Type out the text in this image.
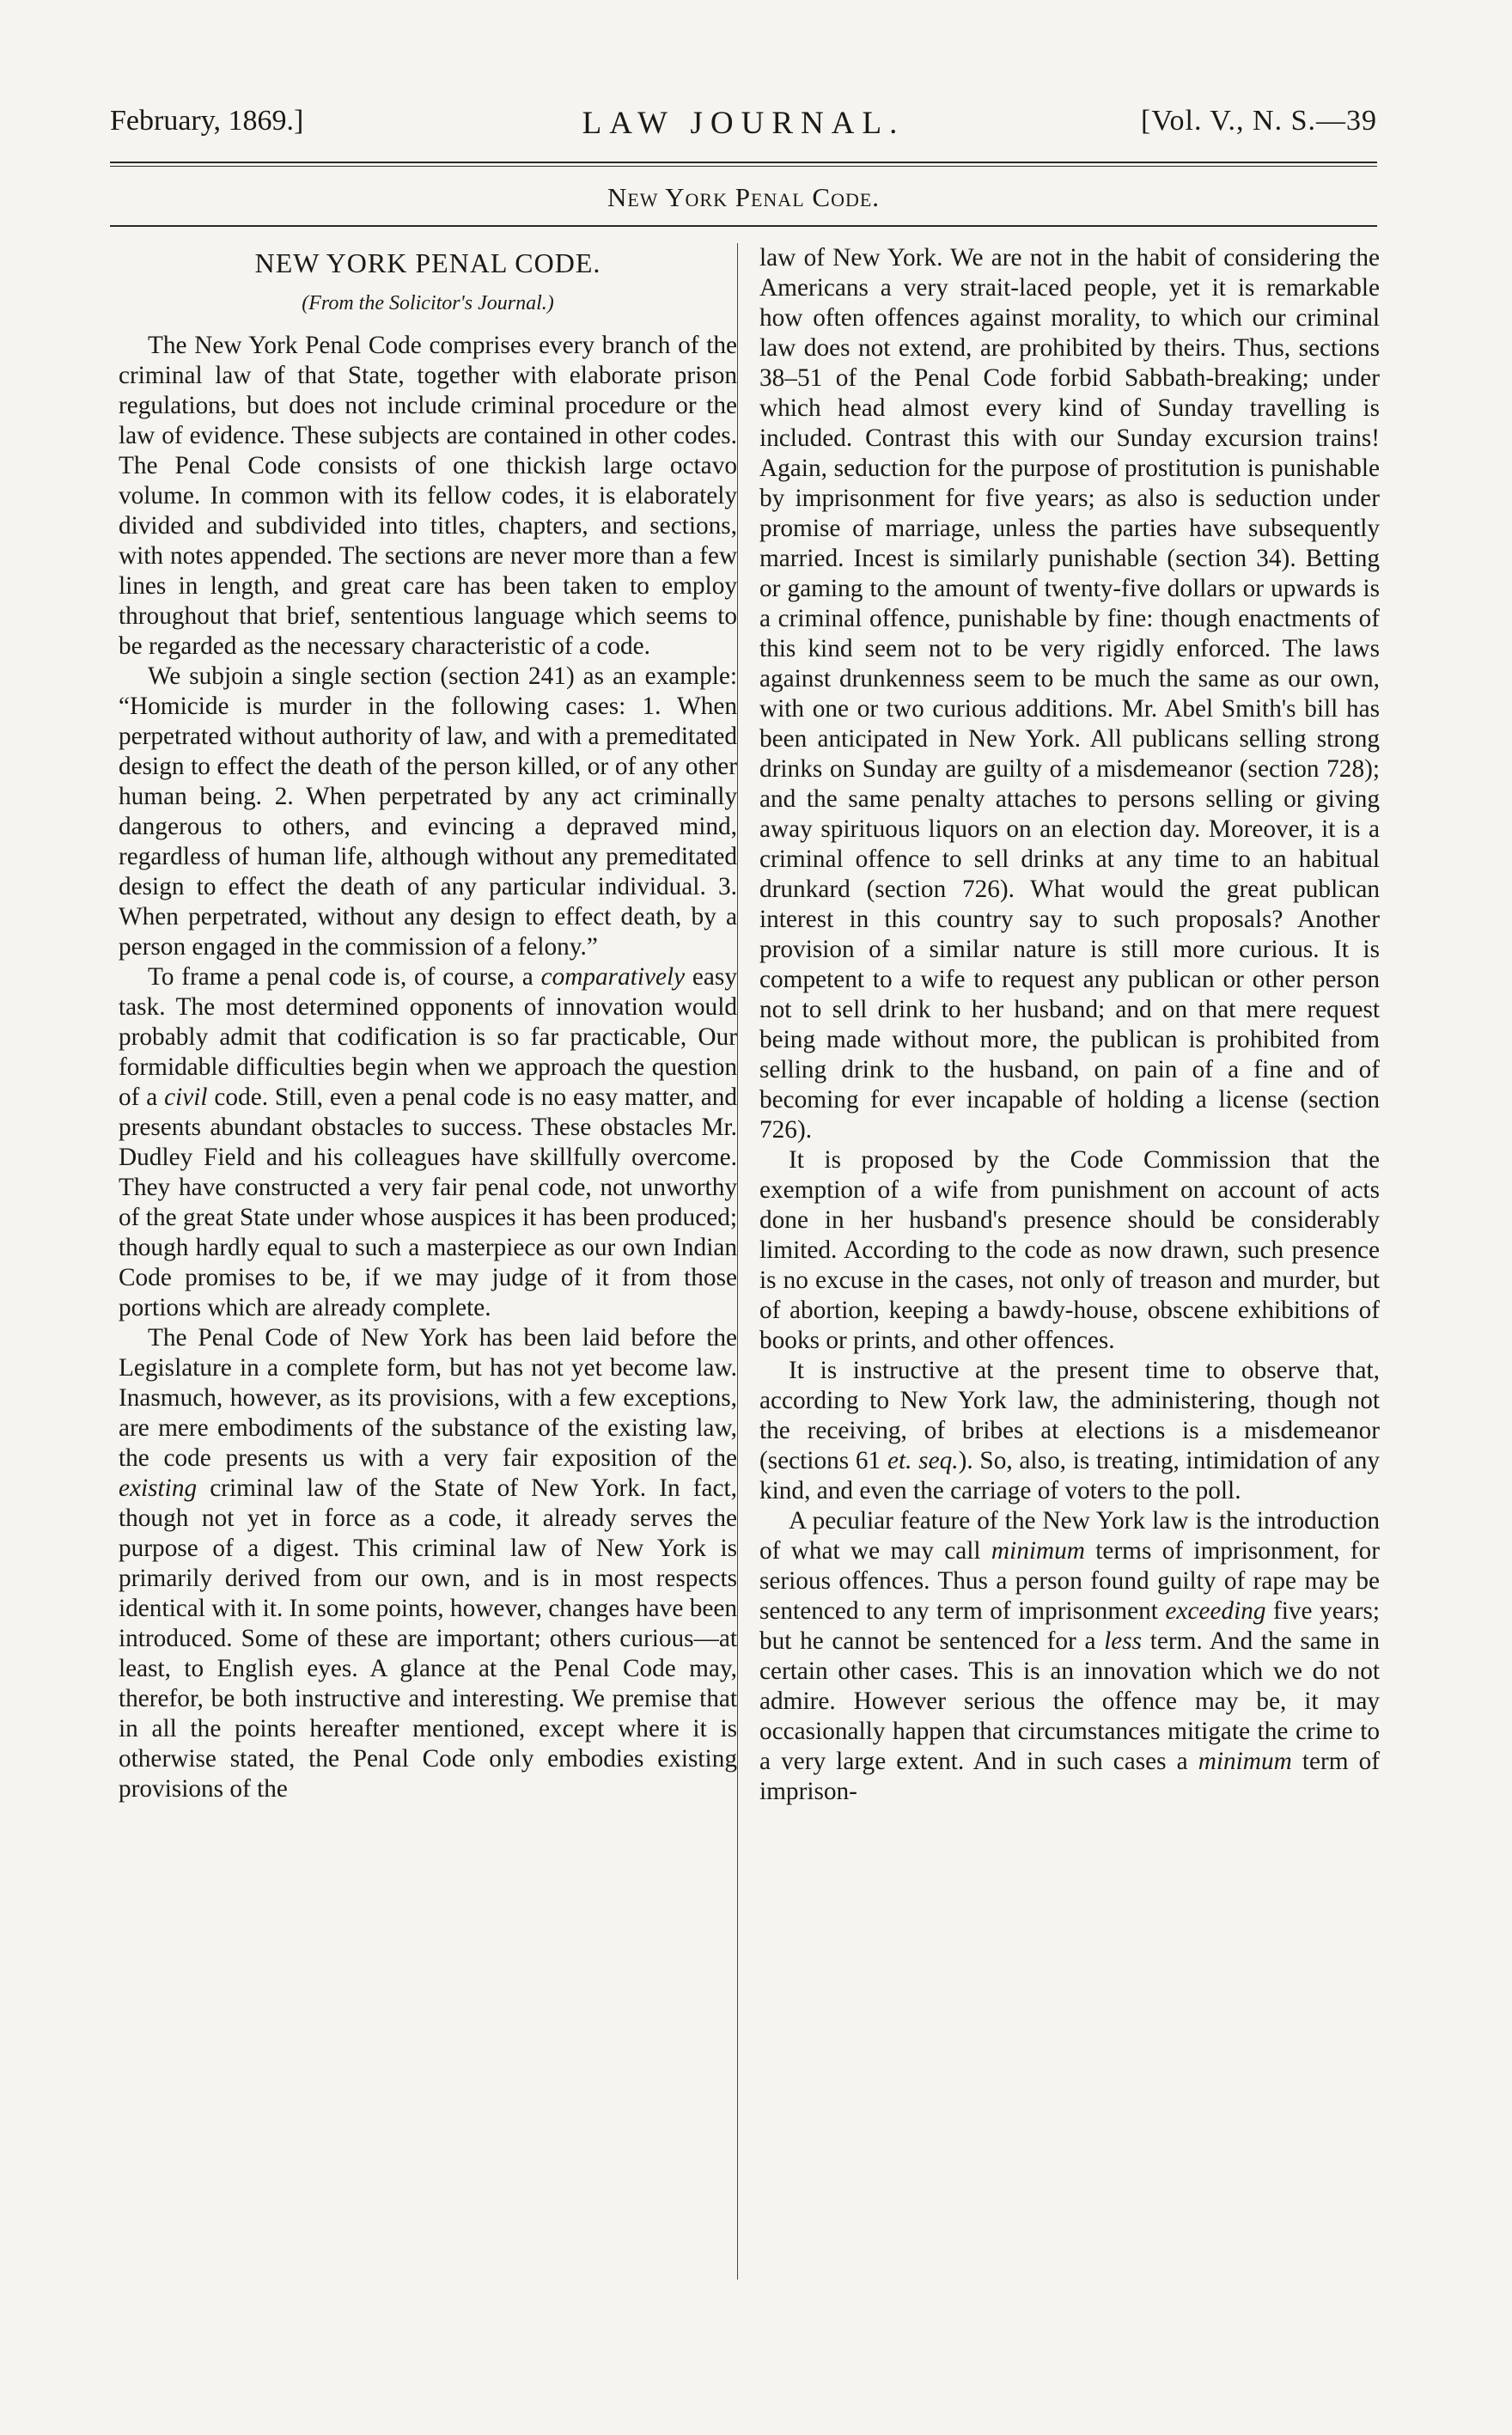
February, 1869.]	LAW JOURNAL.	[Vol. V., N. S.—39
New York Penal Code.
NEW YORK PENAL CODE.
(From the Solicitor's Journal.)

The New York Penal Code comprises every branch of the criminal law of that State, together with elaborate prison regulations, but does not include criminal procedure or the law of evidence. These subjects are contained in other codes. The Penal Code consists of one thickish large octavo volume. In common with its fellow codes, it is elaborately divided and subdivided into titles, chapters, and sections, with notes appended. The sections are never more than a few lines in length, and great care has been taken to employ throughout that brief, sententious language which seems to be regarded as the necessary characteristic of a code.

We subjoin a single section (section 241) as an example: “Homicide is murder in the following cases: 1. When perpetrated without authority of law, and with a premeditated design to effect the death of the person killed, or of any other human being. 2. When perpetrated by any act criminally dangerous to others, and evincing a depraved mind, regardless of human life, although without any premeditated design to effect the death of any particular individual. 3. When perpetrated, without any design to effect death, by a person engaged in the commission of a felony.”

To frame a penal code is, of course, a comparatively easy task. The most determined opponents of innovation would probably admit that codification is so far practicable, Our formidable difficulties begin when we approach the question of a civil code. Still, even a penal code is no easy matter, and presents abundant obstacles to success. These obstacles Mr. Dudley Field and his colleagues have skillfully overcome. They have constructed a very fair penal code, not unworthy of the great State under whose auspices it has been produced; though hardly equal to such a masterpiece as our own Indian Code promises to be, if we may judge of it from those portions which are already complete.

The Penal Code of New York has been laid before the Legislature in a complete form, but has not yet become law. Inasmuch, however, as its provisions, with a few exceptions, are mere embodiments of the substance of the existing law, the code presents us with a very fair exposition of the existing criminal law of the State of New York. In fact, though not yet in force as a code, it already serves the purpose of a digest. This criminal law of New York is primarily derived from our own, and is in most respects identical with it. In some points, however, changes have been introduced. Some of these are important; others curious—at least, to English eyes. A glance at the Penal Code may, therefor, be both instructive and interesting. We premise that in all the points hereafter mentioned, except where it is otherwise stated, the Penal Code only embodies existing provisions of the

law of New York. We are not in the habit of considering the Americans a very strait-laced people, yet it is remarkable how often offences against morality, to which our criminal law does not extend, are prohibited by theirs. Thus, sections 38–51 of the Penal Code forbid Sabbath-breaking; under which head almost every kind of Sunday travelling is included. Contrast this with our Sunday excursion trains! Again, seduction for the purpose of prostitution is punishable by imprisonment for five years; as also is seduction under promise of marriage, unless the parties have subsequently married. Incest is similarly punishable (section 34). Betting or gaming to the amount of twenty-five dollars or upwards is a criminal offence, punishable by fine: though enactments of this kind seem not to be very rigidly enforced. The laws against drunkenness seem to be much the same as our own, with one or two curious additions. Mr. Abel Smith's bill has been anticipated in New York. All publicans selling strong drinks on Sunday are guilty of a misdemeanor (section 728); and the same penalty attaches to persons selling or giving away spirituous liquors on an election day. Moreover, it is a criminal offence to sell drinks at any time to an habitual drunkard (section 726). What would the great publican interest in this country say to such proposals? Another provision of a similar nature is still more curious. It is competent to a wife to request any publican or other person not to sell drink to her husband; and on that mere request being made without more, the publican is prohibited from selling drink to the husband, on pain of a fine and of becoming for ever incapable of holding a license (section 726).

It is proposed by the Code Commission that the exemption of a wife from punishment on account of acts done in her husband's presence should be considerably limited. According to the code as now drawn, such presence is no excuse in the cases, not only of treason and murder, but of abortion, keeping a bawdy-house, obscene exhibitions of books or prints, and other offences.

It is instructive at the present time to observe that, according to New York law, the administering, though not the receiving, of bribes at elections is a misdemeanor (sections 61 et. seq.). So, also, is treating, intimidation of any kind, and even the carriage of voters to the poll.

A peculiar feature of the New York law is the introduction of what we may call minimum terms of imprisonment, for serious offences. Thus a person found guilty of rape may be sentenced to any term of imprisonment exceeding five years; but he cannot be sentenced for a less term. And the same in certain other cases. This is an innovation which we do not admire. However serious the offence may be, it may occasionally happen that circumstances mitigate the crime to a very large extent. And in such cases a minimum term of imprison-
